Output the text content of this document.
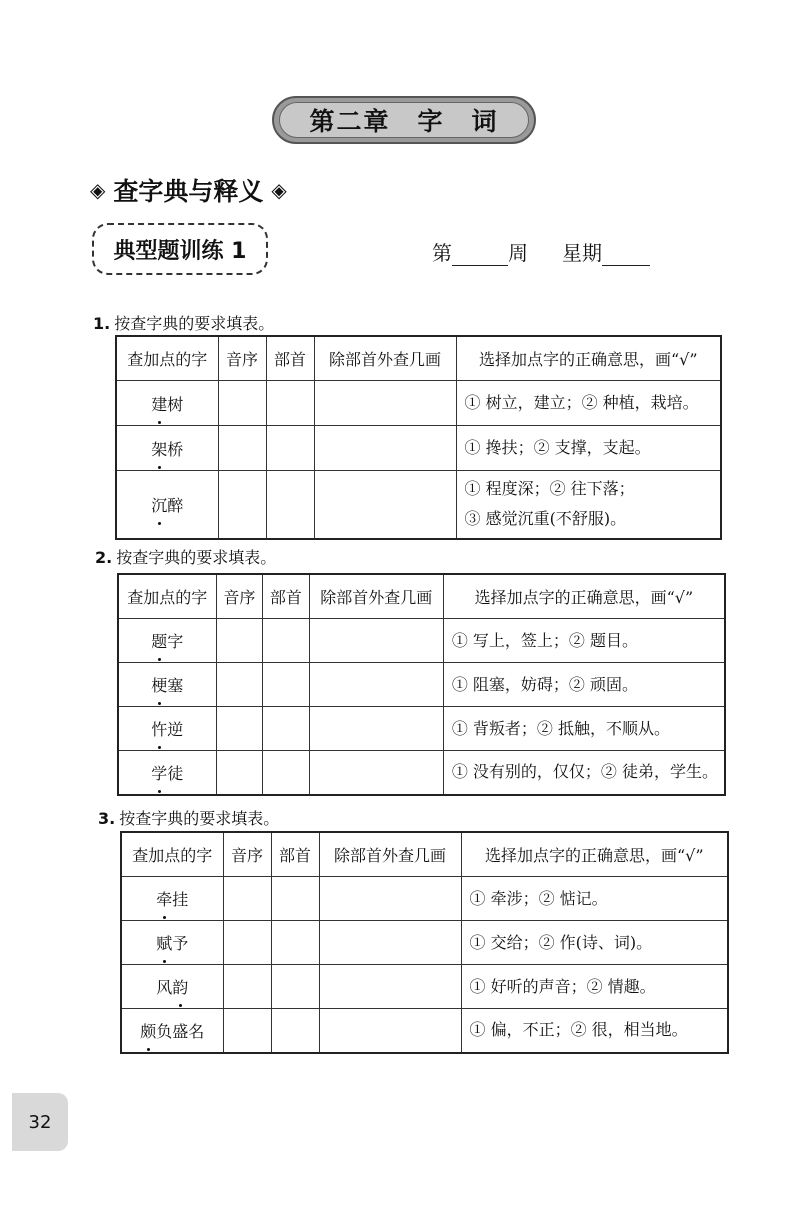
第二章　字　词
◈ 查字典与释义 ◈
典型题训练 1	第	周 星期
1. 按查字典的要求填表。
查加点的字	音序	部首	除部首外查几画	选择加点字的正确意思，画“√”
建树				① 树立，建立；② 种植，栽培。
架桥				① 搀扶；② 支撑，支起。
沉醉				① 程度深；② 往下落；
③ 感觉沉重(不舒服)。
2. 按查字典的要求填表。
查加点的字	音序	部首	除部首外查几画	选择加点字的正确意思，画“√”
题字				① 写上，签上；② 题目。
梗塞				① 阻塞，妨碍；② 顽固。
忤逆				① 背叛者；② 抵触，不顺从。
学徒				① 没有别的，仅仅；② 徒弟，学生。
3. 按查字典的要求填表。
查加点的字	音序	部首	除部首外查几画	选择加点字的正确意思，画“√”
牵挂				① 牵涉；② 惦记。
赋予				① 交给；② 作(诗、词)。
风韵				① 好听的声音；② 情趣。
颇负盛名				① 偏，不正；② 很，相当地。
32
